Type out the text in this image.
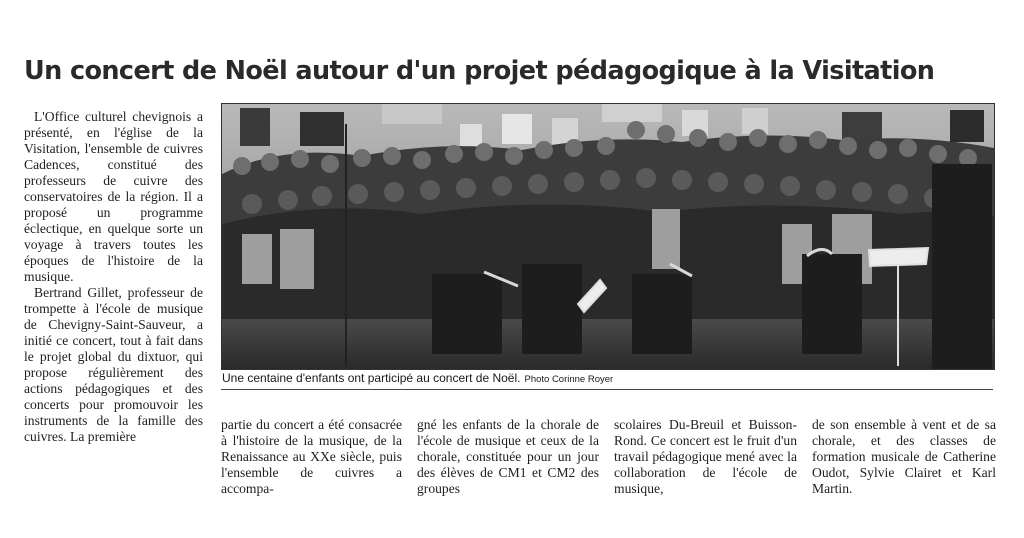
Un concert de Noël autour d'un projet pédagogique à la Visitation

L'Office culturel chevignois a présenté, en l'église de la Visitation, l'ensemble de cuivres Cadences, constitué des professeurs de cuivre des conservatoires de la région. Il a proposé un programme éclectique, en quelque sorte un voyage à travers toutes les époques de l'histoire de la musique.

Bertrand Gillet, professeur de trompette à l'école de musique de Chevigny-Saint-Sauveur, a initié ce concert, tout à fait dans le projet global du dixtuor, qui propose régulièrement des actions pédagogiques et des concerts pour promouvoir les instruments de la famille des cuivres. La première

Une centaine d'enfants ont participé au concert de Noël. Photo Corinne Royer

partie du concert a été consacrée à l'histoire de la musique, de la Renaissance au XXe siècle, puis l'ensemble de cuivres a accompa-

gné les enfants de la chorale de l'école de musique et ceux de la chorale, constituée pour un jour des élèves de CM1 et CM2 des groupes

scolaires Du-Breuil et Buisson-Rond. Ce concert est le fruit d'un travail pédagogique mené avec la collaboration de l'école de musique,

de son ensemble à vent et de sa chorale, et des classes de formation musicale de Catherine Oudot, Sylvie Clairet et Karl Martin.
